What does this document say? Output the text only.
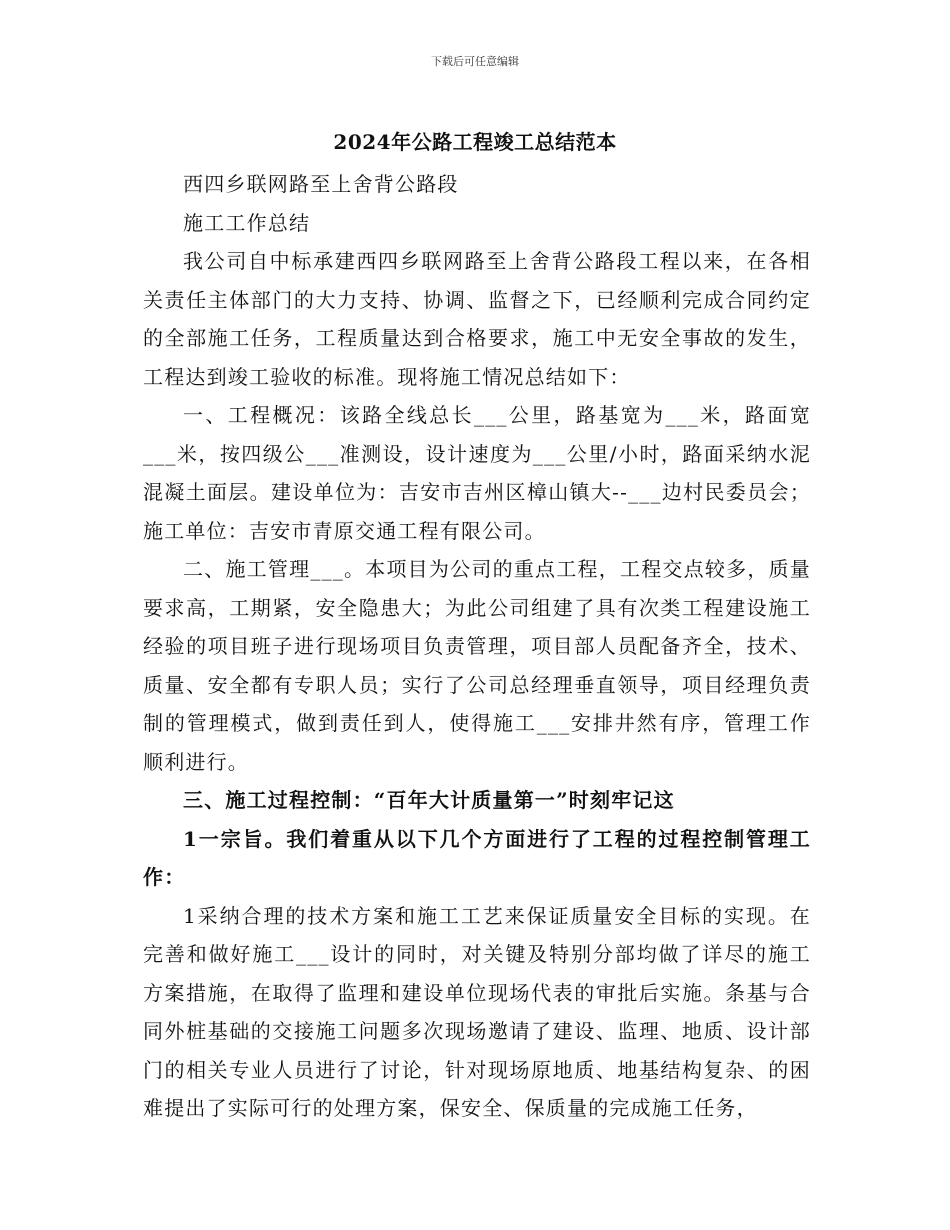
下载后可任意编辑
2024年公路工程竣工总结范本

西四乡联网路至上舍背公路段

施工工作总结

我公司自中标承建西四乡联网路至上舍背公路段工程以来，在各相关责任主体部门的大力支持、协调、监督之下，已经顺利完成合同约定的全部施工任务，工程质量达到合格要求，施工中无安全事故的发生，工程达到竣工验收的标准。现将施工情况总结如下：

一、工程概况：该路全线总长___公里，路基宽为___米，路面宽___米，按四级公___准测设，设计速度为___公里/小时，路面采纳水泥混凝土面层。建设单位为：吉安市吉州区樟山镇大--___边村民委员会；施工单位：吉安市青原交通工程有限公司。

二、施工管理___。本项目为公司的重点工程，工程交点较多，质量要求高，工期紧，安全隐患大；为此公司组建了具有次类工程建设施工经验的项目班子进行现场项目负责管理，项目部人员配备齐全，技术、质量、安全都有专职人员；实行了公司总经理垂直领导，项目经理负责制的管理模式，做到责任到人，使得施工___安排井然有序，管理工作顺利进行。

三、施工过程控制：“百年大计质量第一”时刻牢记这

1一宗旨。我们着重从以下几个方面进行了工程的过程控制管理工作：

1采纳合理的技术方案和施工工艺来保证质量安全目标的实现。在完善和做好施工___设计的同时，对关键及特别分部均做了详尽的施工方案措施，在取得了监理和建设单位现场代表的审批后实施。条基与合同外桩基础的交接施工问题多次现场邀请了建设、监理、地质、设计部门的相关专业人员进行了讨论，针对现场原地质、地基结构复杂、的困难提出了实际可行的处理方案，保安全、保质量的完成施工任务，
